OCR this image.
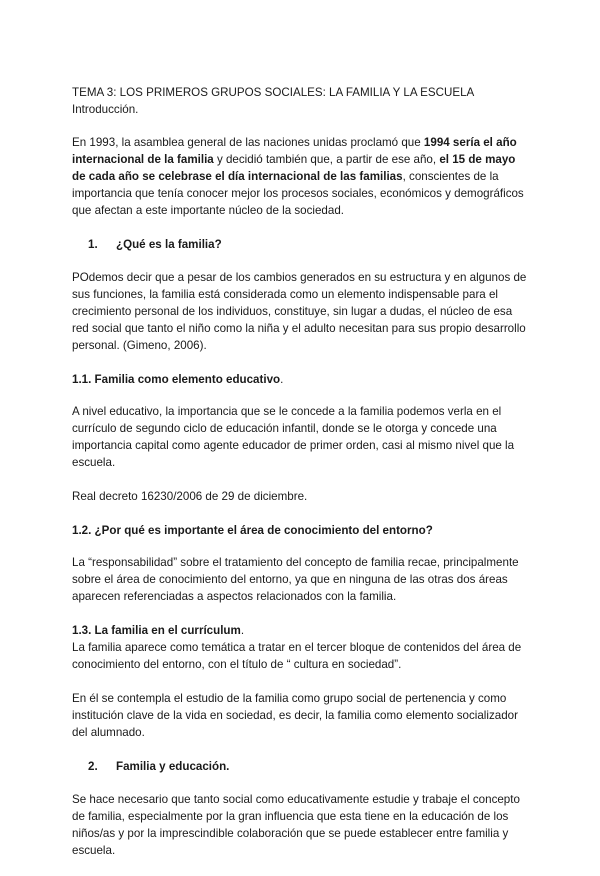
TEMA 3: LOS PRIMEROS GRUPOS SOCIALES: LA FAMILIA Y LA ESCUELA

Introducción.

En 1993, la asamblea general de las naciones unidas proclamó que 1994 sería el año internacional de la familia y decidió también que, a partir de ese año, el 15 de mayo de cada año se celebrase el día internacional de las familias, conscientes de la importancia que tenía conocer mejor los procesos sociales, económicos y demográficos que afectan a este importante núcleo de la sociedad.

1.	¿Qué es la familia?

POdemos decir que a pesar de los cambios generados en su estructura y en algunos de sus funciones, la familia está considerada como un elemento indispensable para el crecimiento personal de los individuos, constituye, sin lugar a dudas, el núcleo de esa red social que tanto el niño como la niña y el adulto necesitan para sus propio desarrollo personal. (Gimeno, 2006).

1.1. Familia como elemento educativo.

A nivel educativo, la importancia que se le concede a la familia podemos verla en el currículo de segundo ciclo de educación infantil, donde se le otorga y concede una importancia capital como agente educador de primer orden, casi al mismo nivel que la escuela.

Real decreto 16230/2006 de 29 de diciembre.

1.2. ¿Por qué es importante el área de conocimiento del entorno?

La “responsabilidad” sobre el tratamiento del concepto de familia recae, principalmente sobre el área de conocimiento del entorno, ya que en ninguna de las otras dos áreas aparecen referenciadas a aspectos relacionados con la familia.

1.3. La familia en el currículum.

La familia aparece como temática a tratar en el tercer bloque de contenidos del área de conocimiento del entorno, con el título de “ cultura en sociedad”.

En él se contempla el estudio de la familia como grupo social de pertenencia y como institución clave de la vida en sociedad, es decir, la familia como elemento socializador del alumnado.

2.	Familia y educación.

Se hace necesario que tanto social como educativamente estudie y trabaje el concepto de familia, especialmente por la gran influencia que esta tiene en la educación de los niños/as y por la imprescindible colaboración que se puede establecer entre familia y escuela.
